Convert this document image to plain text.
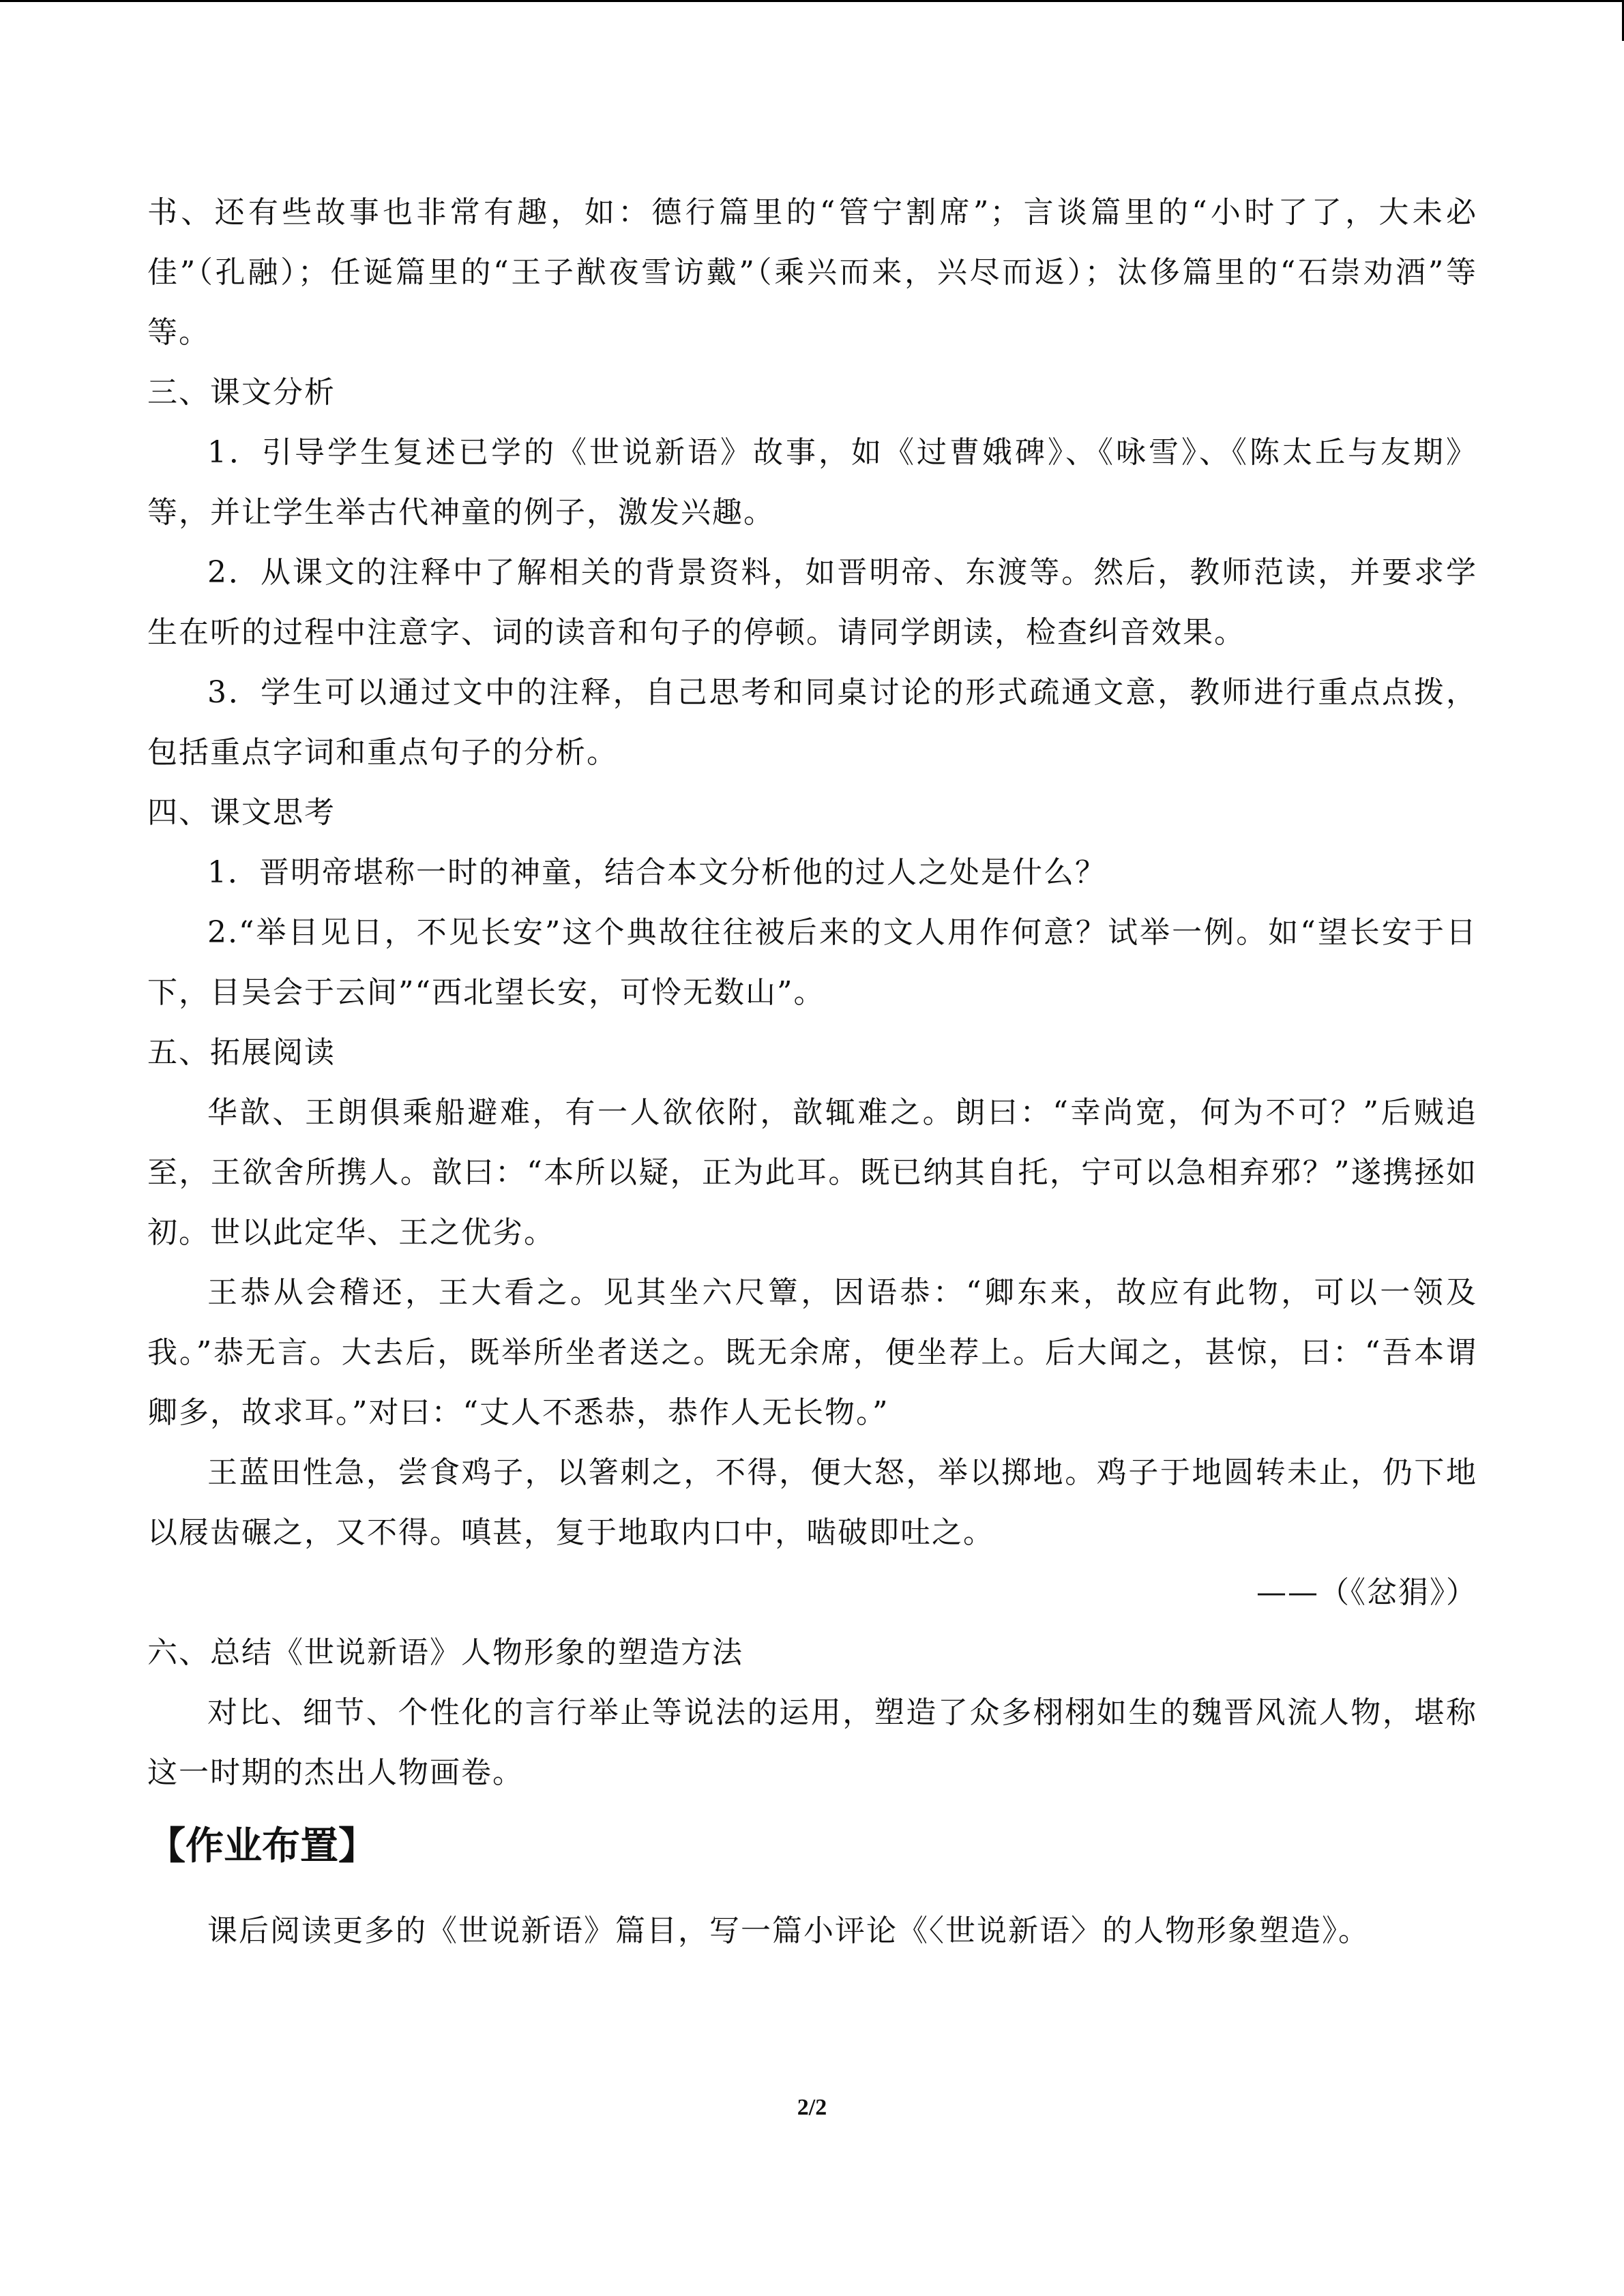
书、还有些故事也非常有趣，如：德行篇里的“管宁割席”；言谈篇里的“小时了了，大未必佳”（孔融）；任诞篇里的“王子猷夜雪访戴”（乘兴而来，兴尽而返）；汰侈篇里的“石崇劝酒”等等。

三、课文分析

1．引导学生复述已学的《世说新语》故事，如《过曹娥碑》、《咏雪》、《陈太丘与友期》等，并让学生举古代神童的例子，激发兴趣。

2．从课文的注释中了解相关的背景资料，如晋明帝、东渡等。然后，教师范读，并要求学生在听的过程中注意字、词的读音和句子的停顿。请同学朗读，检查纠音效果。

3．学生可以通过文中的注释，自己思考和同桌讨论的形式疏通文意，教师进行重点点拨，包括重点字词和重点句子的分析。

四、课文思考

1．晋明帝堪称一时的神童，结合本文分析他的过人之处是什么？

2.“举目见日，不见长安”这个典故往往被后来的文人用作何意？试举一例。如“望长安于日下，目吴会于云间”“西北望长安，可怜无数山”。

五、拓展阅读

华歆、王朗俱乘船避难，有一人欲依附，歆辄难之。朗曰：“幸尚宽，何为不可？”后贼追至，王欲舍所携人。歆曰：“本所以疑，正为此耳。既已纳其自托，宁可以急相弃邪？”遂携拯如初。世以此定华、王之优劣。

王恭从会稽还，王大看之。见其坐六尺簟，因语恭：“卿东来，故应有此物，可以一领及我。”恭无言。大去后，既举所坐者送之。既无余席，便坐荐上。后大闻之，甚惊，曰：“吾本谓卿多，故求耳。”对曰：“丈人不悉恭，恭作人无长物。”

王蓝田性急，尝食鸡子，以箸刺之，不得，便大怒，举以掷地。鸡子于地圆转未止，仍下地以屐齿碾之，又不得。嗔甚，复于地取内口中，啮破即吐之。

——（《忿狷》）

六、总结《世说新语》人物形象的塑造方法

对比、细节、个性化的言行举止等说法的运用，塑造了众多栩栩如生的魏晋风流人物，堪称这一时期的杰出人物画卷。

【作业布置】

课后阅读更多的《世说新语》篇目，写一篇小评论《〈世说新语〉的人物形象塑造》。

2/2
